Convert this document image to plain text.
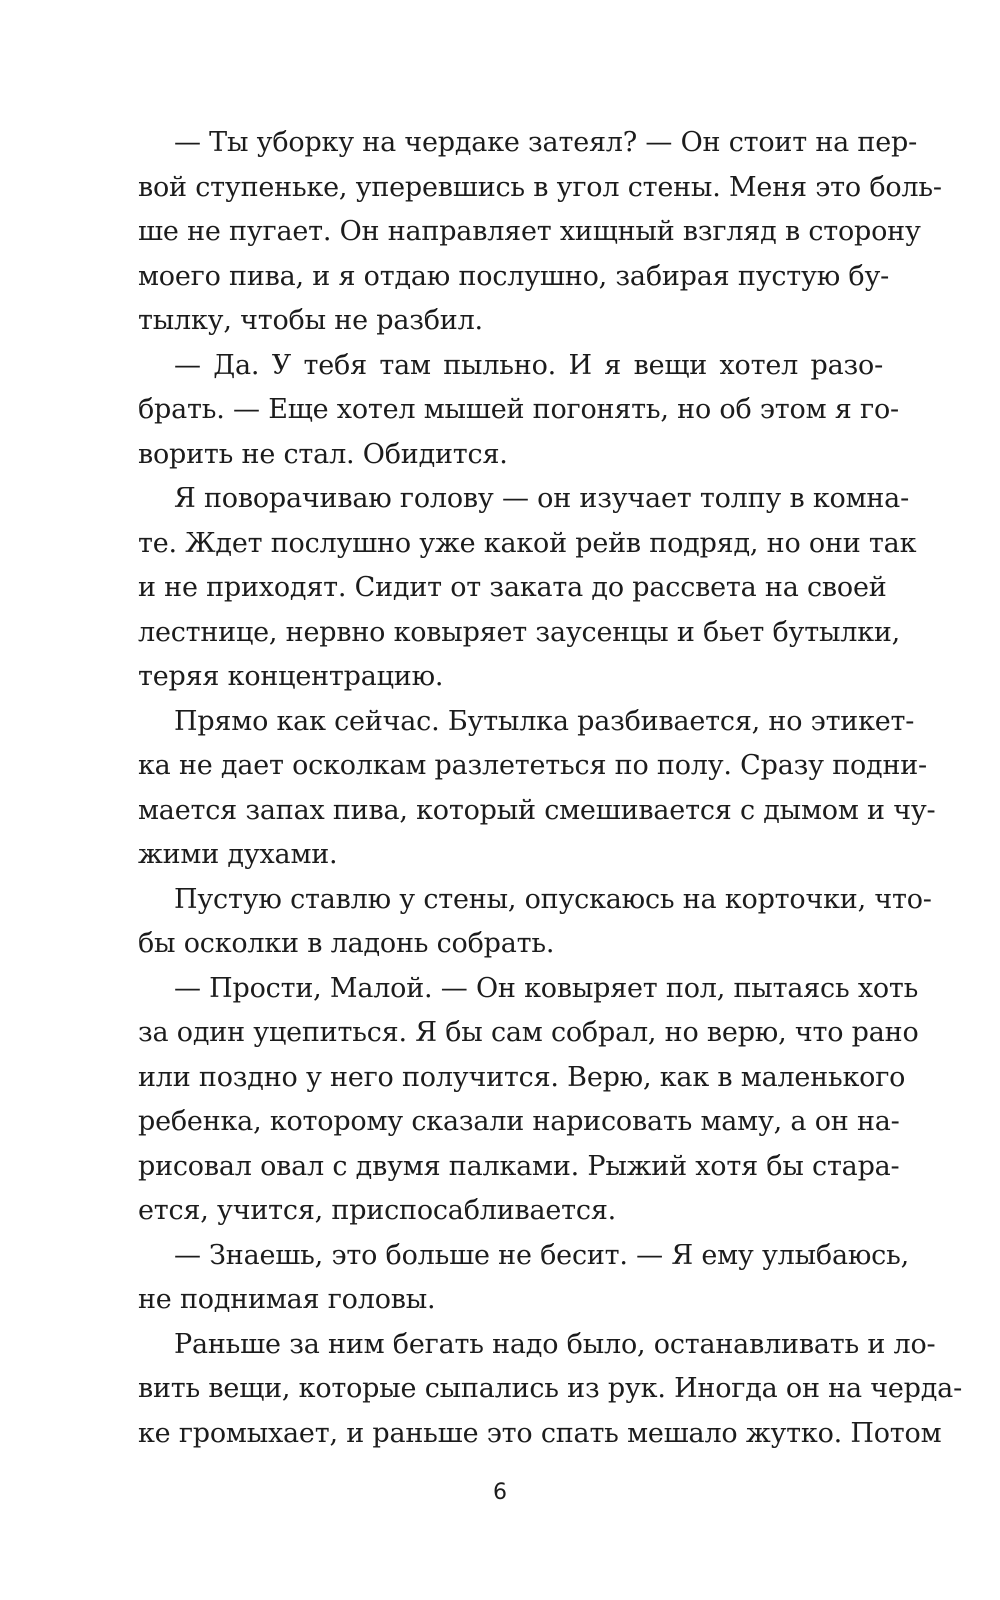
— Ты уборку на чердаке затеял? — Он стоит на пер-
вой ступеньке, уперевшись в угол стены. Меня это боль-
ше не пугает. Он направляет хищный взгляд в сторону
моего пива, и я отдаю послушно, забирая пустую бу-
тылку, чтобы не разбил.
— Да. У тебя там пыльно. И я вещи хотел разо-
брать. — Еще хотел мышей погонять, но об этом я го-
ворить не стал. Обидится.
Я поворачиваю голову — он изучает толпу в комна-
те. Ждет послушно уже какой рейв подряд, но они так
и не приходят. Сидит от заката до рассвета на своей
лестнице, нервно ковыряет заусенцы и бьет бутылки,
теряя концентрацию.
Прямо как сейчас. Бутылка разбивается, но этикет-
ка не дает осколкам разлететься по полу. Сразу подни-
мается запах пива, который смешивается с дымом и чу-
жими духами.
Пустую ставлю у стены, опускаюсь на корточки, что-
бы осколки в ладонь собрать.
— Прости, Малой. — Он ковыряет пол, пытаясь хоть
за один уцепиться. Я бы сам собрал, но верю, что рано
или поздно у него получится. Верю, как в маленького
ребенка, которому сказали нарисовать маму, а он на-
рисовал овал с двумя палками. Рыжий хотя бы стара-
ется, учится, приспосабливается.
— Знаешь, это больше не бесит. — Я ему улыбаюсь,
не поднимая головы.
Раньше за ним бегать надо было, останавливать и ло-
вить вещи, которые сыпались из рук. Иногда он на черда-
ке громыхает, и раньше это спать мешало жутко. Потом
6
